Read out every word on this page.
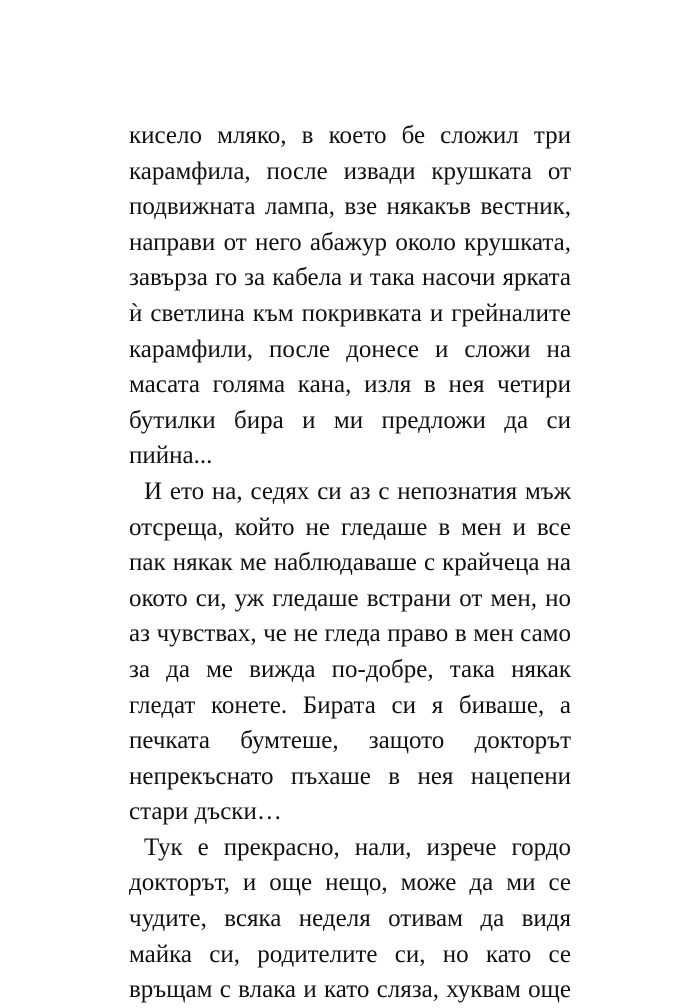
кисело мляко, в което бе сложил три
карамфила, после извади крушката от
подвижната лампа, взе някакъв вестник,
направи от него абажур около крушката,
завърза го за кабела и така насочи ярката
ѝ светлина към покривката и грейналите
карамфили, после донесе и сложи на
масата голяма кана, изля в нея четири
бутилки бира и ми предложи да си
пийна...
И ето на, седях си аз с непознатия мъж
отсреща, който не гледаше в мен и все
пак някак ме наблюдаваше с крайчеца на
окото си, уж гледаше встрани от мен, но
аз чувствах, че не гледа право в мен само
за да ме вижда по-добре, така някак
гледат конете. Бирата си я биваше, а
печката бумтеше, защото докторът
непрекъснато пъхаше в нея нацепени
стари дъски…
Тук е прекрасно, нали, изрече гордо
докторът, и още нещо, може да ми се
чудите, всяка неделя отивам да видя
майка си, родителите си, но като се
връщам с влака и като сляза, хуквам още
